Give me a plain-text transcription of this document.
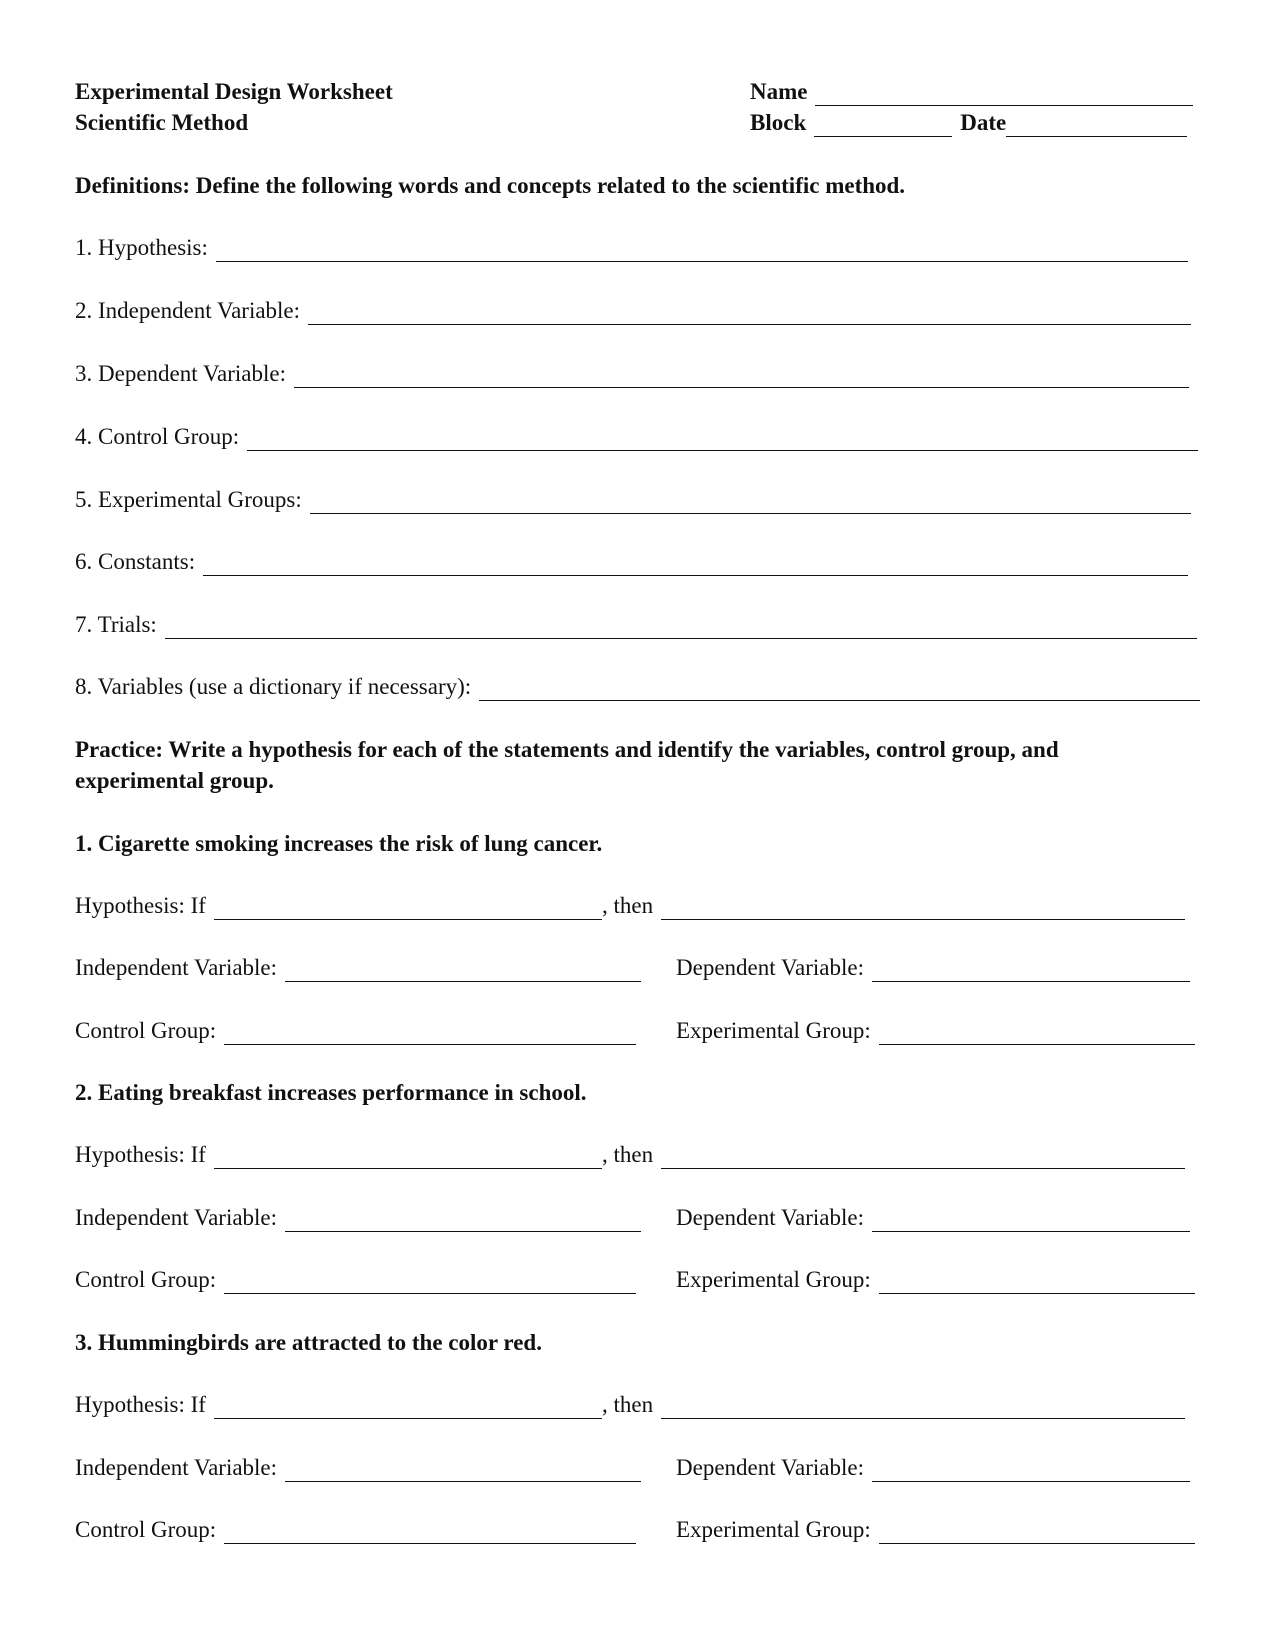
Experimental Design Worksheet
Scientific Method
Name
Block	Date
Definitions: Define the following words and concepts related to the scientific method.
1. Hypothesis:
2. Independent Variable:
3. Dependent Variable:
4. Control Group:
5. Experimental Groups:
6. Constants:
7. Trials:
8. Variables (use a dictionary if necessary):
Practice: Write a hypothesis for each of the statements and identify the variables, control group, and
experimental group.
1. Cigarette smoking increases the risk of lung cancer.
Hypothesis: If	, then
Independent Variable:	Dependent Variable:
Control Group:	Experimental Group:
2. Eating breakfast increases performance in school.
Hypothesis: If	, then
Independent Variable:	Dependent Variable:
Control Group:	Experimental Group:
3. Hummingbirds are attracted to the color red.
Hypothesis: If	, then
Independent Variable:	Dependent Variable:
Control Group:	Experimental Group:
